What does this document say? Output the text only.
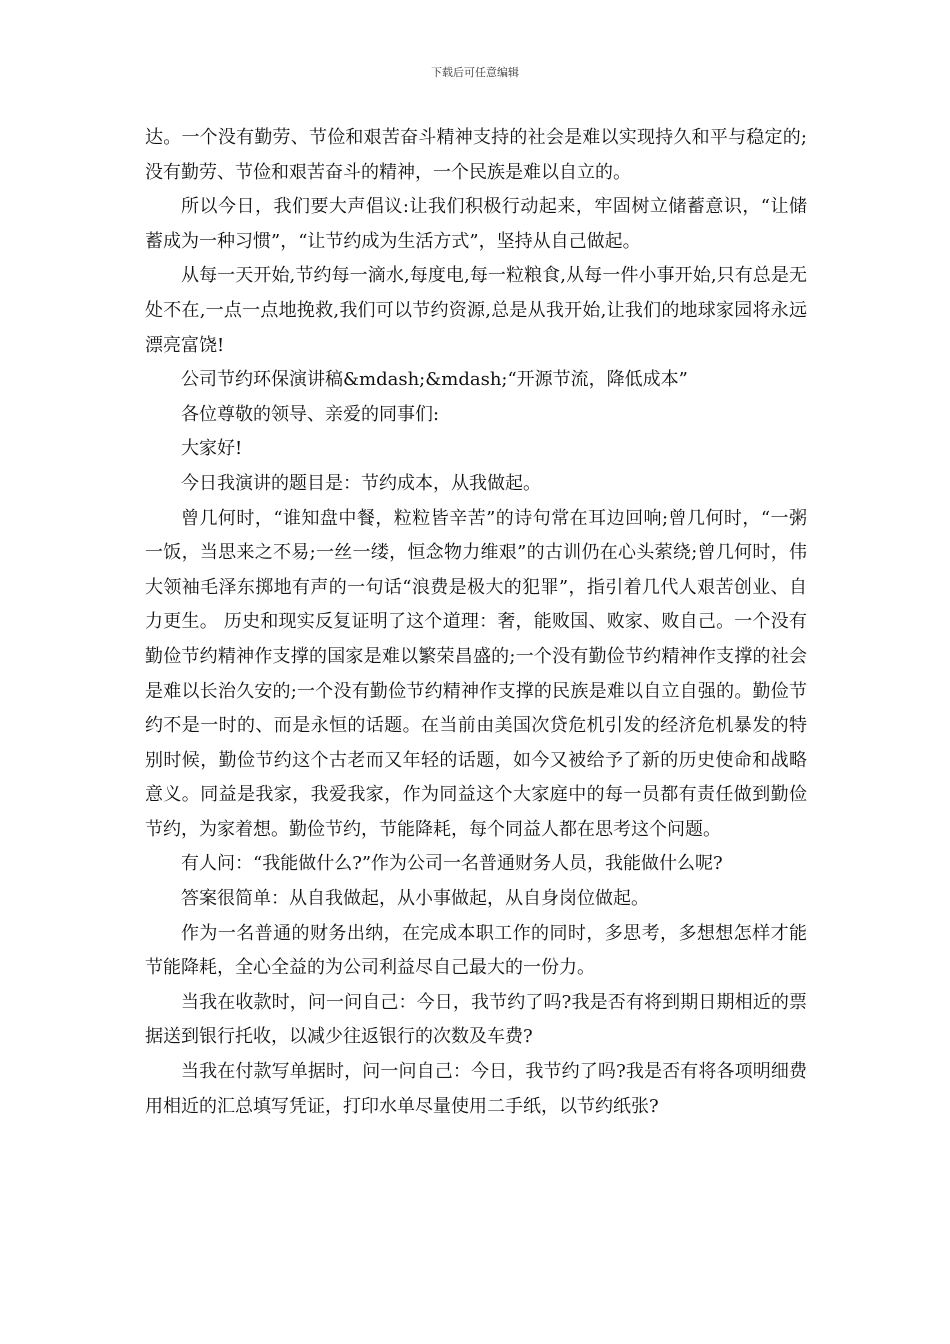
下载后可任意编辑

达。一个没有勤劳、节俭和艰苦奋斗精神支持的社会是难以实现持久和平与稳定的;没有勤劳、节俭和艰苦奋斗的精神，一个民族是难以自立的。

所以今日，我们要大声倡议:让我们积极行动起来，牢固树立储蓄意识，“让储蓄成为一种习惯”，“让节约成为生活方式”，坚持从自己做起。

从每一天开始,节约每一滴水,每度电,每一粒粮食,从每一件小事开始,只有总是无处不在,一点一点地挽救,我们可以节约资源,总是从我开始,让我们的地球家园将永远漂亮富饶!

公司节约环保演讲稿&mdash;&mdash;“开源节流，降低成本”

各位尊敬的领导、亲爱的同事们:

大家好!

今日我演讲的题目是：节约成本，从我做起。

曾几何时，“谁知盘中餐，粒粒皆辛苦”的诗句常在耳边回响;曾几何时，“一粥一饭，当思来之不易;一丝一缕，恒念物力维艰”的古训仍在心头萦绕;曾几何时，伟大领袖毛泽东掷地有声的一句话“浪费是极大的犯罪”，指引着几代人艰苦创业、自力更生。 历史和现实反复证明了这个道理：奢，能败国、败家、败自己。一个没有勤俭节约精神作支撑的国家是难以繁荣昌盛的;一个没有勤俭节约精神作支撑的社会是难以长治久安的;一个没有勤俭节约精神作支撑的民族是难以自立自强的。勤俭节约不是一时的、而是永恒的话题。在当前由美国次贷危机引发的经济危机暴发的特别时候，勤俭节约这个古老而又年轻的话题，如今又被给予了新的历史使命和战略意义。同益是我家，我爱我家，作为同益这个大家庭中的每一员都有责任做到勤俭节约，为家着想。勤俭节约，节能降耗，每个同益人都在思考这个问题。

有人问：“我能做什么?”作为公司一名普通财务人员，我能做什么呢?

答案很简单：从自我做起，从小事做起，从自身岗位做起。

作为一名普通的财务出纳，在完成本职工作的同时，多思考，多想想怎样才能节能降耗，全心全益的为公司利益尽自己最大的一份力。

当我在收款时，问一问自己：今日，我节约了吗?我是否有将到期日期相近的票据送到银行托收，以减少往返银行的次数及车费?

当我在付款写单据时，问一问自己：今日，我节约了吗?我是否有将各项明细费用相近的汇总填写凭证，打印水单尽量使用二手纸，以节约纸张?
